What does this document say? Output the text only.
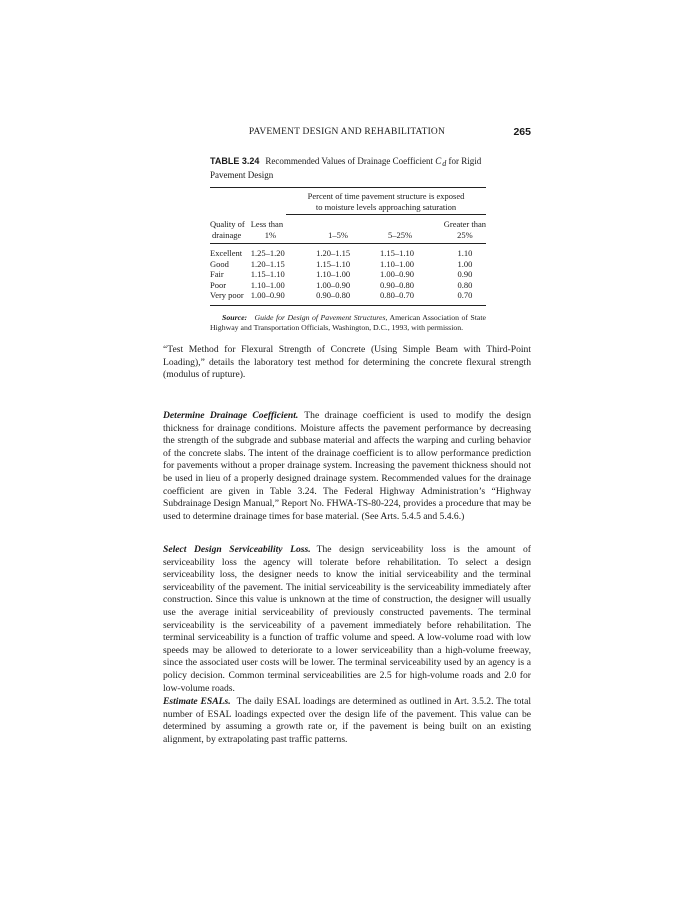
PAVEMENT DESIGN AND REHABILITATION	265

TABLE 3.24 Recommended Values of Drainage Coefficient Cd for Rigid Pavement Design

Percent of time pavement structure is exposed
to moisture levels approaching saturation
Quality of	Less than			Greater than
drainage	1%	1–5%	5–25%	25%

Excellent	1.25–1.20	1.20–1.15	1.15–1.10	1.10
Good	1.20–1.15	1.15–1.10	1.10–1.00	1.00
Fair	1.15–1.10	1.10–1.00	1.00–0.90	0.90
Poor	1.10–1.00	1.00–0.90	0.90–0.80	0.80
Very poor	1.00–0.90	0.90–0.80	0.80–0.70	0.70

Source: Guide for Design of Pavement Structures, American Association of State Highway and Transportation Officials, Washington, D.C., 1993, with permission.

“Test Method for Flexural Strength of Concrete (Using Simple Beam with Third-Point Loading),” details the laboratory test method for determining the concrete flexural strength (modulus of rupture).

Determine Drainage Coefficient. The drainage coefficient is used to modify the design thickness for drainage conditions. Moisture affects the pavement performance by decreasing the strength of the subgrade and subbase material and affects the warping and curling behavior of the concrete slabs. The intent of the drainage coefficient is to allow performance prediction for pavements without a proper drainage system. Increasing the pavement thickness should not be used in lieu of a properly designed drainage system. Recommended values for the drainage coefficient are given in Table 3.24. The Federal Highway Administration’s “Highway Subdrainage Design Manual,” Report No. FHWA-TS-80-224, provides a procedure that may be used to determine drainage times for base material. (See Arts. 5.4.5 and 5.4.6.)

Select Design Serviceability Loss. The design serviceability loss is the amount of serviceability loss the agency will tolerate before rehabilitation. To select a design serviceability loss, the designer needs to know the initial serviceability and the terminal serviceability of the pavement. The initial serviceability is the serviceability immediately after construction. Since this value is unknown at the time of construction, the designer will usually use the average initial serviceability of previously constructed pavements. The terminal serviceability is the serviceability of a pavement immediately before rehabilitation. The terminal serviceability is a function of traffic volume and speed. A low-volume road with low speeds may be allowed to deteriorate to a lower serviceability than a high-volume freeway, since the associated user costs will be lower. The terminal serviceability used by an agency is a policy decision. Common terminal serviceabilities are 2.5 for high-volume roads and 2.0 for low-volume roads.

Estimate ESALs. The daily ESAL loadings are determined as outlined in Art. 3.5.2. The total number of ESAL loadings expected over the design life of the pavement. This value can be determined by assuming a growth rate or, if the pavement is being built on an existing alignment, by extrapolating past traffic patterns.
